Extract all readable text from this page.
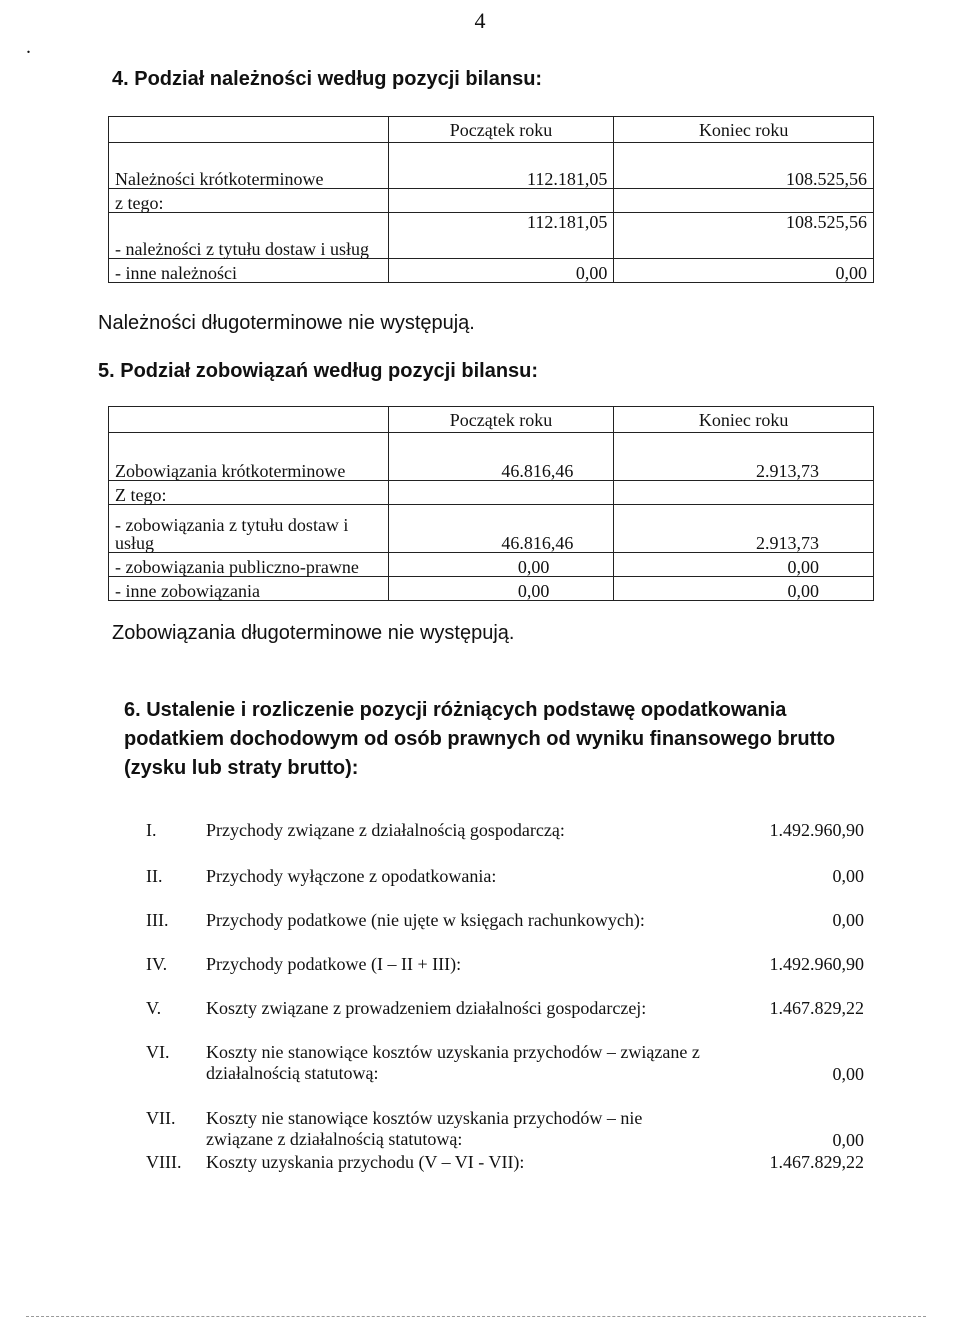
4
.
4. Podział należności według pozycji bilansu:
	Początek roku	Koniec roku
Należności krótkoterminowe	112.181,05	108.525,56
z tego:		
- należności z tytułu dostaw i usług	112.181,05	108.525,56
- inne należności	0,00	0,00
Należności długoterminowe nie występują.
5. Podział zobowiązań według pozycji bilansu:
	Początek roku	Koniec roku
Zobowiązania krótkoterminowe	46.816,46	2.913,73
Z tego:		
- zobowiązania z tytułu dostaw i usług	46.816,46	2.913,73
- zobowiązania publiczno-prawne	0,00	0,00
- inne zobowiązania	0,00	0,00
Zobowiązania długoterminowe nie występują.
6. Ustalenie i rozliczenie pozycji różniących podstawę opodatkowania podatkiem dochodowym od osób prawnych od wyniku finansowego brutto (zysku lub straty brutto):
I.	Przychody związane z działalnością gospodarczą:	1.492.960,90
II. Przychody wyłączone z opodatkowania:	0,00
III. Przychody podatkowe (nie ujęte w księgach rachunkowych):	0,00
IV. Przychody podatkowe (I – II + III):	1.492.960,90
V. Koszty związane z prowadzeniem działalności gospodarczej:	1.467.829,22
VI. Koszty nie stanowiące kosztów uzyskania przychodów – związane z działalnością statutową:	0,00
VII. Koszty nie stanowiące kosztów uzyskania przychodów – nie związane z działalnością statutową:	0,00
VIII. Koszty uzyskania przychodu (V – VI - VII):	1.467.829,22
